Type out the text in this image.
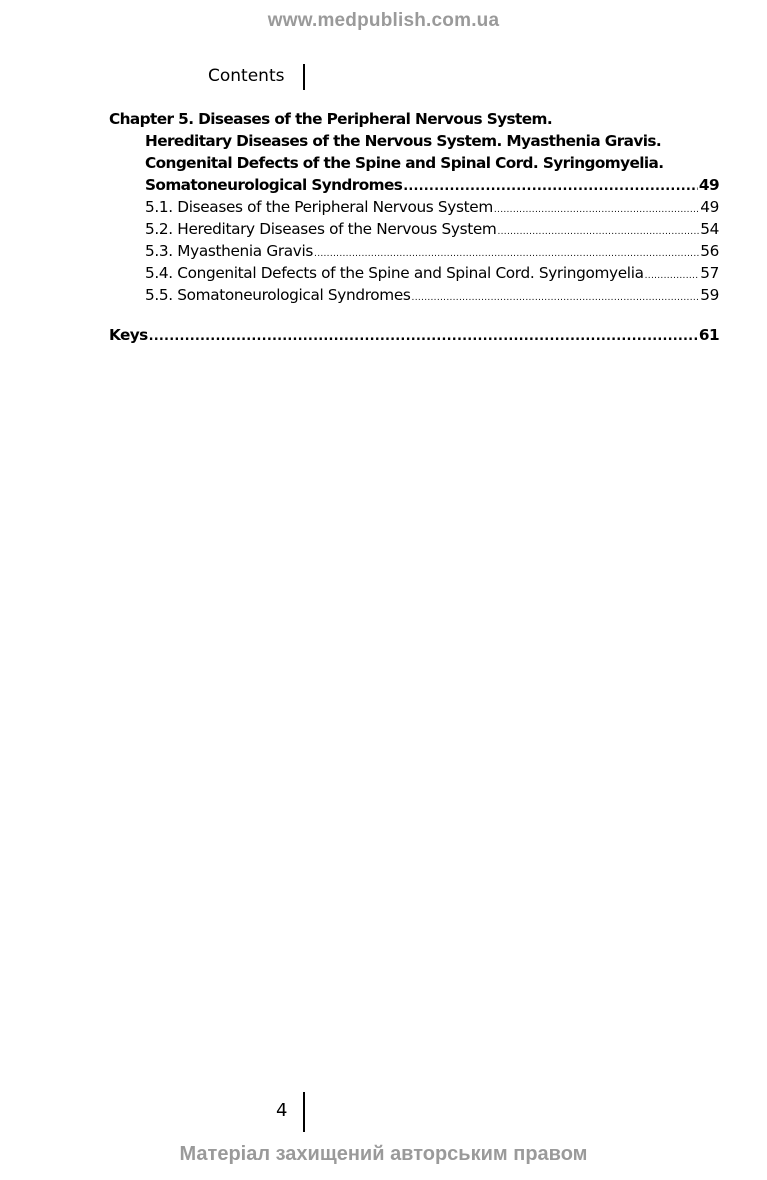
www.medpublish.com.ua
Contents
Chapter 5. Diseases of the Peripheral Nervous System.
Hereditary Diseases of the Nervous System. Myasthenia Gravis.
Congenital Defects of the Spine and Spinal Cord. Syringomyelia.
Somatoneurological Syndromes .....	49
5.1. Diseases of the Peripheral Nervous System .....	49
5.2. Hereditary Diseases of the Nervous System .....	54
5.3. Myasthenia Gravis .....	56
5.4. Congenital Defects of the Spine and Spinal Cord. Syringomyelia .....	57
5.5. Somatoneurological Syndromes .....	59
Keys .....	61
4
Матеріал захищений авторським правом
